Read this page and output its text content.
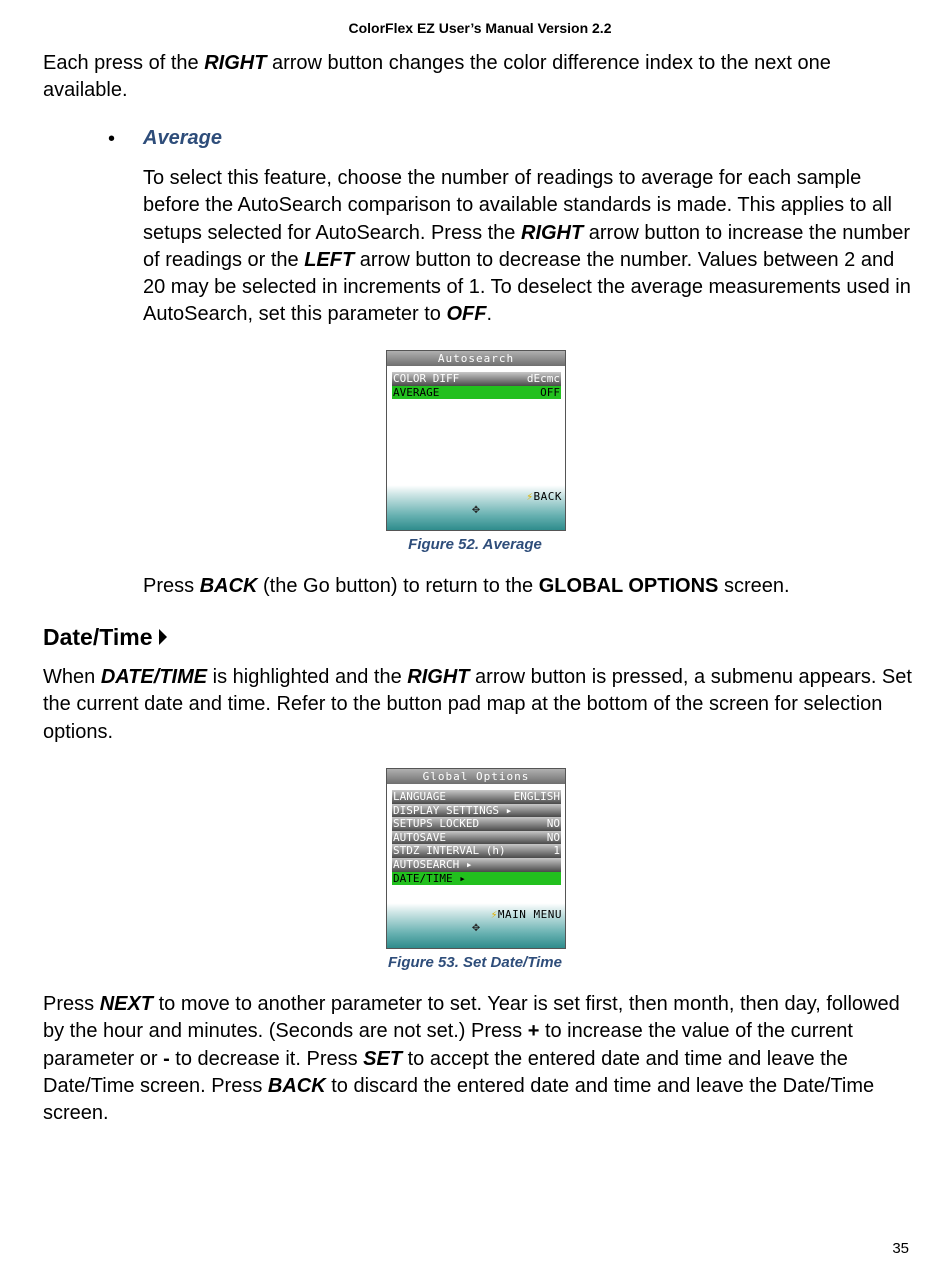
ColorFlex EZ User’s Manual Version 2.2

Each press of the RIGHT arrow button changes the color difference index to the next one available.

• Average

To select this feature, choose the number of readings to average for each sample before the AutoSearch comparison to available standards is made. This applies to all setups selected for AutoSearch. Press the RIGHT arrow button to increase the number of readings or the LEFT arrow button to decrease the number. Values between 2 and 20 may be selected in increments of 1. To deselect the average measurements used in AutoSearch, set this parameter to OFF.

Autosearch
COLOR DIFF	dEcmc
AVERAGE	OFF
⚡BACK
✥
Figure 52. Average

Press BACK (the Go button) to return to the GLOBAL OPTIONS screen.

Date/Time

When DATE/TIME is highlighted and the RIGHT arrow button is pressed, a submenu appears. Set the current date and time. Refer to the button pad map at the bottom of the screen for selection options.

Global Options
LANGUAGE	ENGLISH
DISPLAY SETTINGS ▸
SETUPS LOCKED	NO
AUTOSAVE	NO
STDZ INTERVAL (h)	1
AUTOSEARCH ▸
DATE/TIME ▸
⚡MAIN MENU
✥
Figure 53. Set Date/Time

Press NEXT to move to another parameter to set. Year is set first, then month, then day, followed by the hour and minutes. (Seconds are not set.) Press + to increase the value of the current parameter or - to decrease it. Press SET to accept the entered date and time and leave the Date/Time screen. Press BACK to discard the entered date and time and leave the Date/Time screen.

35
